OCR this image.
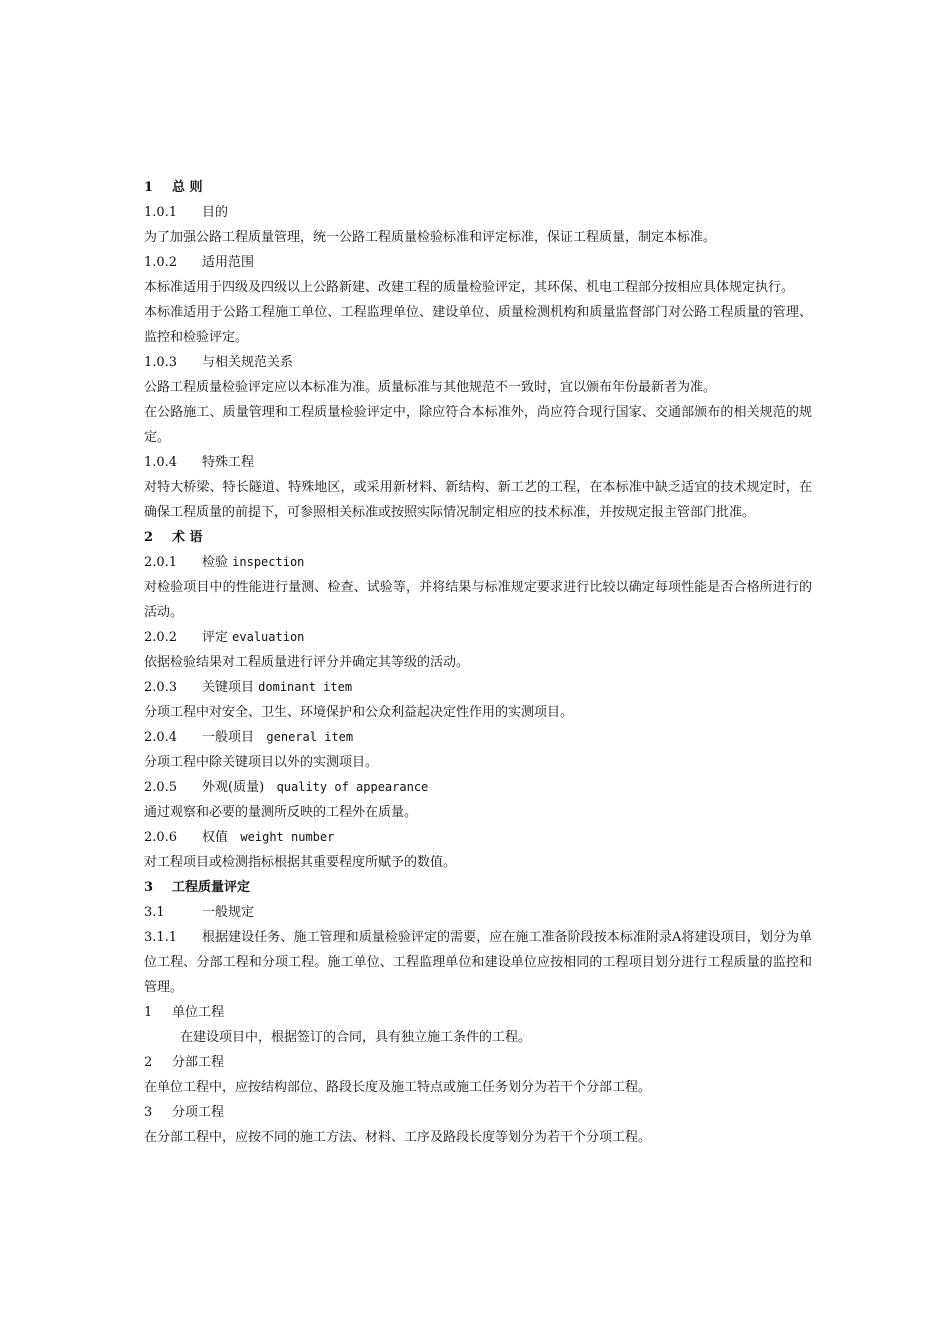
1 总 则
1.0.1 目的
为了加强公路工程质量管理，统一公路工程质量检验标准和评定标准，保证工程质量，制定本标准。
1.0.2 适用范围
本标准适用于四级及四级以上公路新建、改建工程的质量检验评定，其环保、机电工程部分按相应具体规定执行。
本标准适用于公路工程施工单位、工程监理单位、建设单位、质量检测机构和质量监督部门对公路工程质量的管理、监控和检验评定。
1.0.3 与相关规范关系
公路工程质量检验评定应以本标准为准。质量标准与其他规范不一致时，宜以颁布年份最新者为准。
在公路施工、质量管理和工程质量检验评定中，除应符合本标准外，尚应符合现行国家、交通部颁布的相关规范的规定。
1.0.4 特殊工程
对特大桥梁、特长隧道、特殊地区，或采用新材料、新结构、新工艺的工程，在本标准中缺乏适宜的技术规定时，在确保工程质量的前提下，可参照相关标准或按照实际情况制定相应的技术标准，并按规定报主管部门批准。
2 术 语
2.0.1 检验 inspection
对检验项目中的性能进行量测、检查、试验等，并将结果与标准规定要求进行比较以确定每项性能是否合格所进行的活动。
2.0.2 评定 evaluation
依据检验结果对工程质量进行评分并确定其等级的活动。
2.0.3 关键项目 dominant item
分项工程中对安全、卫生、环境保护和公众利益起决定性作用的实测项目。
2.0.4 一般项目 general item
分项工程中除关键项目以外的实测项目。
2.0.5 外观(质量) quality of appearance
通过观察和必要的量测所反映的工程外在质量。
2.0.6 权值 weight number
对工程项目或检测指标根据其重要程度所赋予的数值。
3 工程质量评定
3.1	一般规定
3.1.1 根据建设任务、施工管理和质量检验评定的需要，应在施工准备阶段按本标准附录A将建设项目，划分为单位工程、分部工程和分项工程。施工单位、工程监理单位和建设单位应按相同的工程项目划分进行工程质量的监控和管理。
1 单位工程
在建设项目中，根据签订的合同，具有独立施工条件的工程。
2 分部工程
在单位工程中，应按结构部位、路段长度及施工特点或施工任务划分为若干个分部工程。
3 分项工程
在分部工程中，应按不同的施工方法、材料、工序及路段长度等划分为若干个分项工程。
